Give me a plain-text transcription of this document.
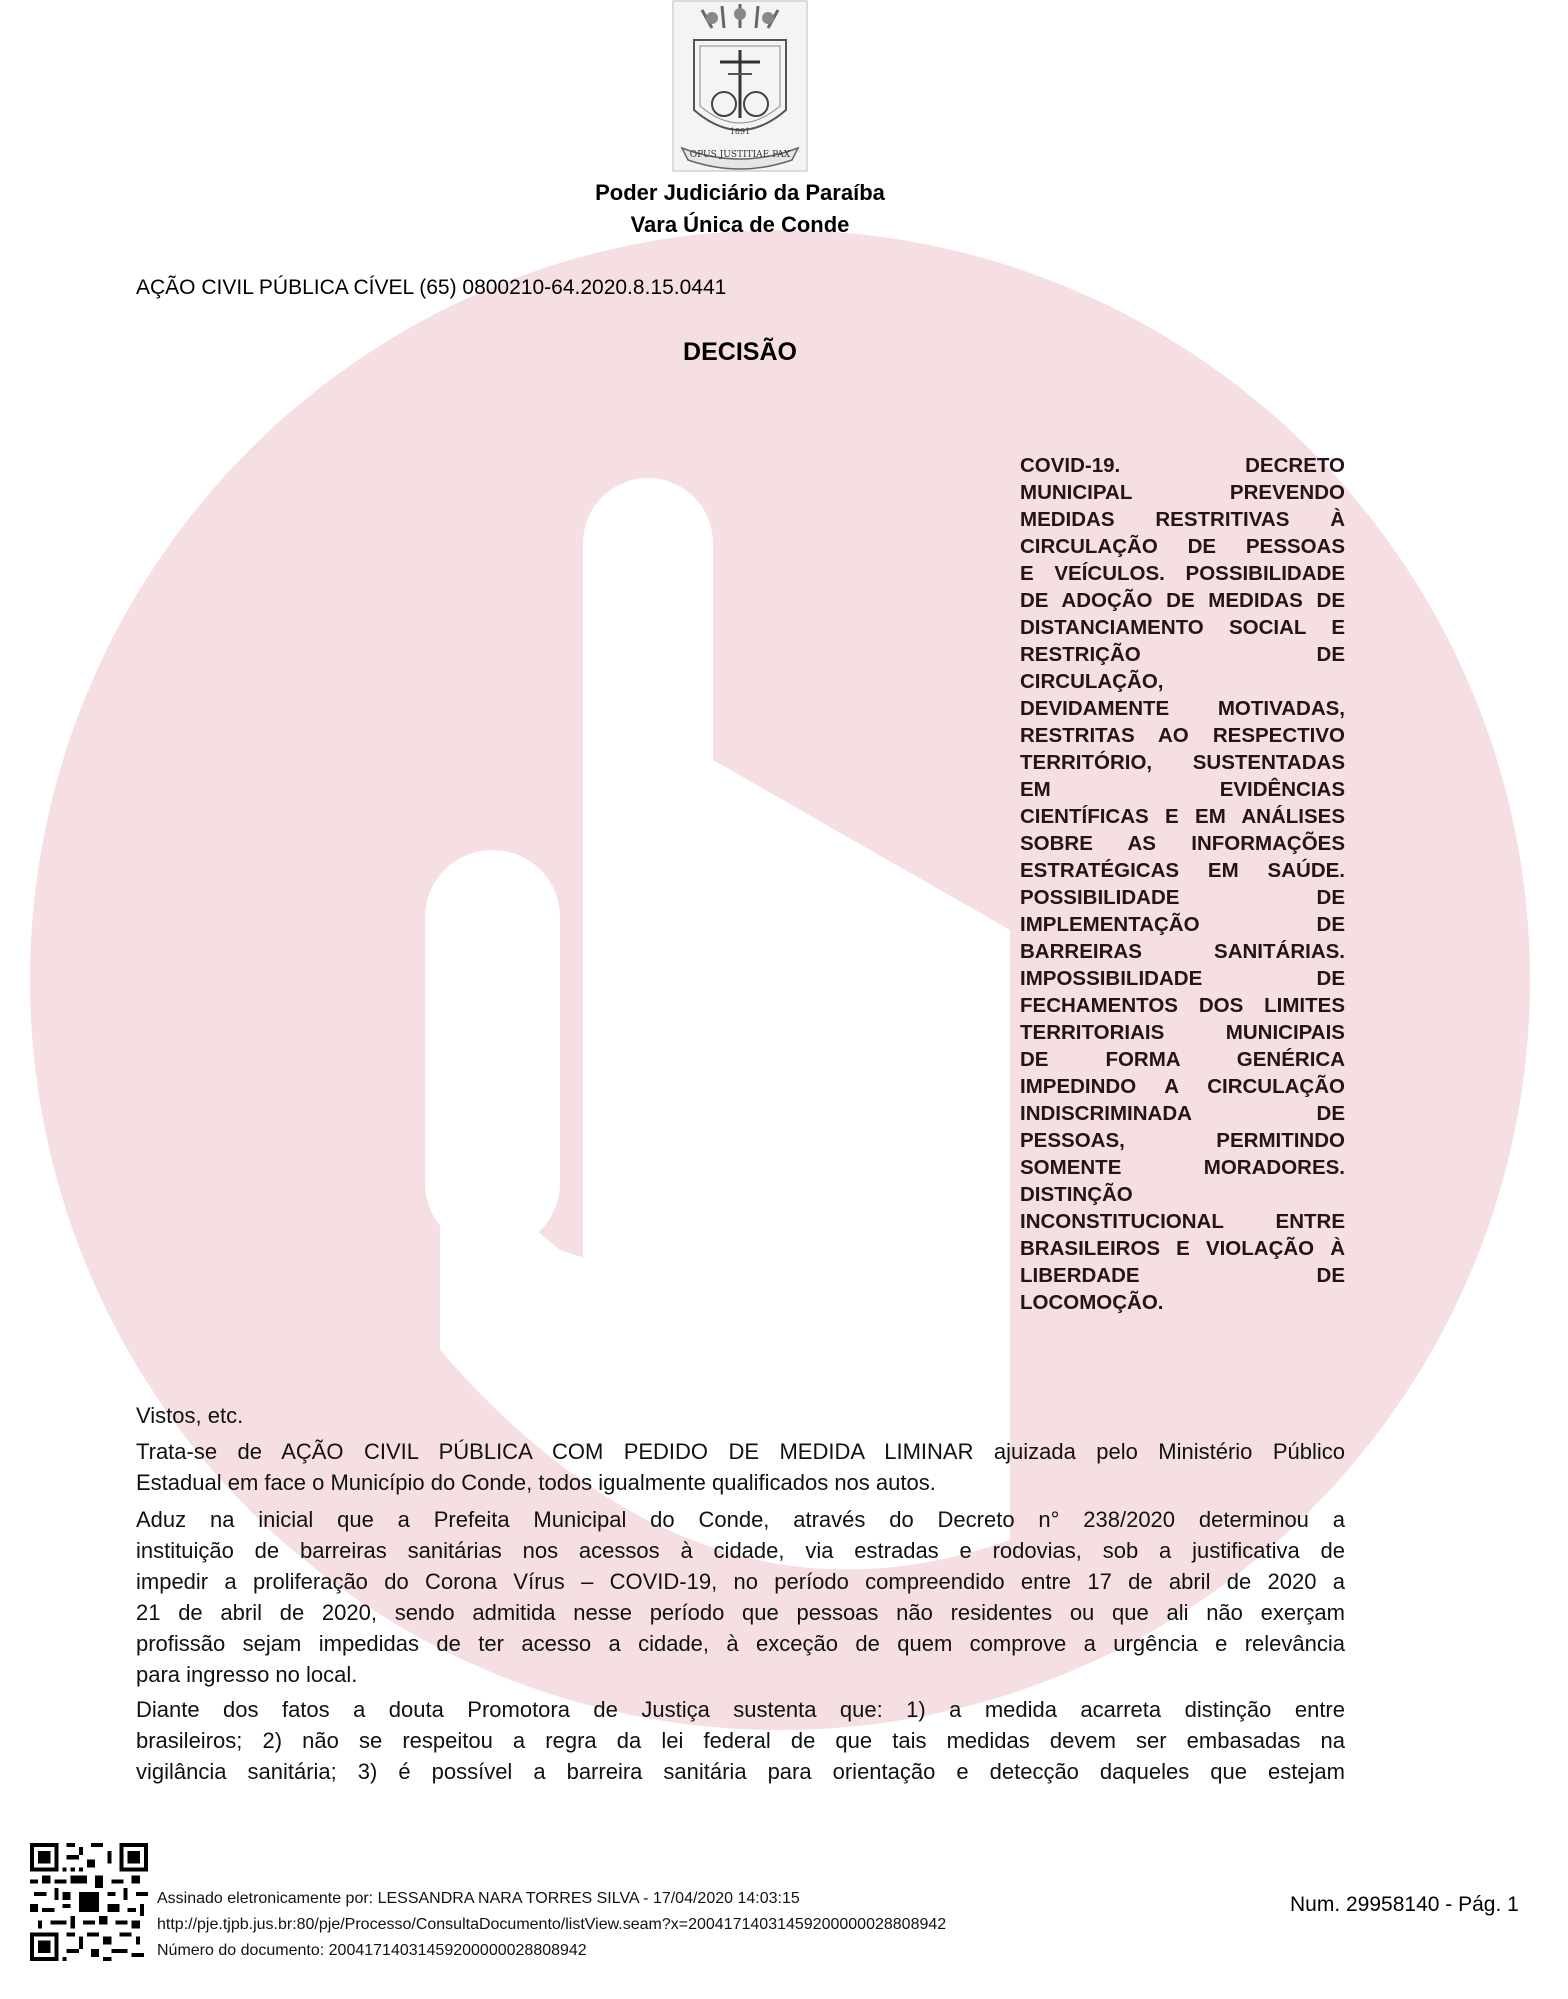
OPUS JUSTITIAE PAX
1891
Poder Judiciário da Paraíba
Vara Única de Conde
AÇÃO CIVIL PÚBLICA CÍVEL (65) 0800210-64.2020.8.15.0441
DECISÃO
COVID-19. DECRETO
MUNICIPAL PREVENDO
MEDIDAS RESTRITIVAS À
CIRCULAÇÃO DE PESSOAS
E VEÍCULOS. POSSIBILIDADE
DE ADOÇÃO DE MEDIDAS DE
DISTANCIAMENTO SOCIAL E
RESTRIÇÃO DE
CIRCULAÇÃO,
DEVIDAMENTE MOTIVADAS,
RESTRITAS AO RESPECTIVO
TERRITÓRIO, SUSTENTADAS
EM EVIDÊNCIAS
CIENTÍFICAS E EM ANÁLISES
SOBRE AS INFORMAÇÕES
ESTRATÉGICAS EM SAÚDE.
POSSIBILIDADE DE
IMPLEMENTAÇÃO DE
BARREIRAS SANITÁRIAS.
IMPOSSIBILIDADE DE
FECHAMENTOS DOS LIMITES
TERRITORIAIS MUNICIPAIS
DE FORMA GENÉRICA
IMPEDINDO A CIRCULAÇÃO
INDISCRIMINADA DE
PESSOAS, PERMITINDO
SOMENTE MORADORES.
DISTINÇÃO
INCONSTITUCIONAL ENTRE
BRASILEIROS E VIOLAÇÃO À
LIBERDADE DE
LOCOMOÇÃO.
Vistos, etc.
Trata-se de AÇÃO CIVIL PÚBLICA COM PEDIDO DE MEDIDA LIMINAR ajuizada pelo Ministério Público
Estadual em face o Município do Conde, todos igualmente qualificados nos autos.
Aduz na inicial que a Prefeita Municipal do Conde, através do Decreto n° 238/2020 determinou a
instituição de barreiras sanitárias nos acessos à cidade, via estradas e rodovias, sob a justificativa de
impedir a proliferação do Corona Vírus – COVID-19, no período compreendido entre 17 de abril de 2020 a
21 de abril de 2020, sendo admitida nesse período que pessoas não residentes ou que ali não exerçam
profissão sejam impedidas de ter acesso a cidade, à exceção de quem comprove a urgência e relevância
para ingresso no local.
Diante dos fatos a douta Promotora de Justiça sustenta que: 1) a medida acarreta distinção entre
brasileiros; 2) não se respeitou a regra da lei federal de que tais medidas devem ser embasadas na
vigilância sanitária; 3) é possível a barreira sanitária para orientação e detecção daqueles que estejam
Assinado eletronicamente por: LESSANDRA NARA TORRES SILVA - 17/04/2020 14:03:15
http://pje.tjpb.jus.br:80/pje/Processo/ConsultaDocumento/listView.seam?x=20041714031459200000028808942
Número do documento: 20041714031459200000028808942
Num. 29958140 - Pág. 1
